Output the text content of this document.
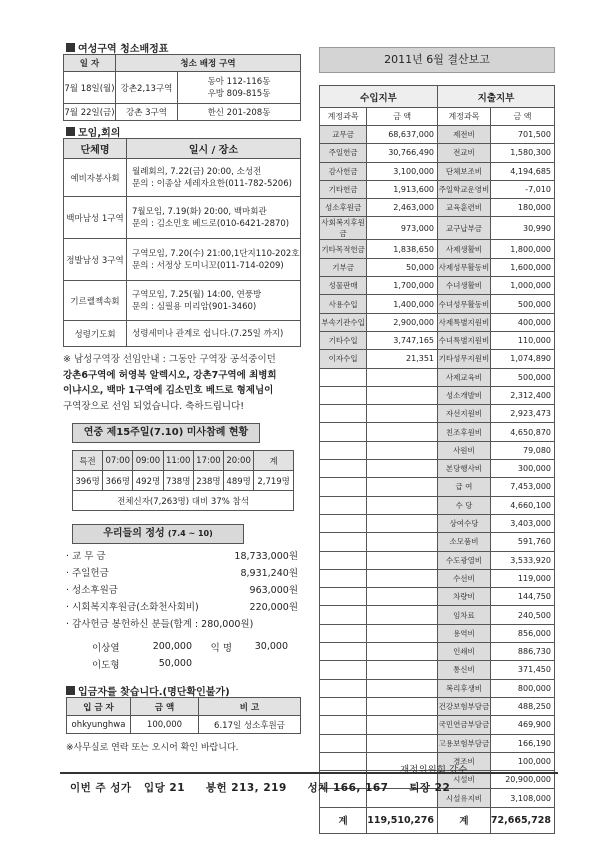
여성구역 청소배정표
일 자	청소 배정 구역	
7월 18일(월)	강촌2,13구역	동아 112-116동
우방 809-815동

7월 22일(금)	강촌 3구역	한신 201-208동
모임,회의
단체명	일시 / 장소
예비자봉사회	월례회의, 7.22(금) 20:00, 소성전
문의 : 이종삼 세레자요한(011-782-5206)

백마남성 1구역	7월모임, 7.19(화) 20:00, 백마회관
문의 : 김소민호 베드로(010-6421-2870)

정발남성 3구역	구역모임, 7.20(수) 21:00,1단지110-202호
문의 : 서정상 도미니꼬(011-714-0209)

기르렐젝속회	구역모임, 7.25(월) 14:00, 연풍방
문의 : 심필용 미리암(901-3460)

성령기도회	성령세미나 관계로 쉽니다.(7.25일 까지)
※ 남성구역장 선임안내 : 그동안 구역장 공석중이던
강촌6구역에 허영복 알렉시오, 강촌7구역에 최병희
이냐시오, 백마 1구역에 김소민호 베드로 형제님이
구역장으로 선임 되었습니다. 축하드립니다!
연중 제15주일(7.10) 미사참례 현황
특전	07:00	09:00	11:00	17:00	20:00	계
396명	366명	492명	738명	238명	489명	2,719명
전체신자(7,263명) 대비 37% 참석						
우리들의 정성 (7.4 ~ 10)
· 교 무 금	18,733,000원
· 주일헌금	8,931,240원
· 성소후원금	963,000원
· 시회복지후원금(소화천사회비)	220,000원
· 감사헌금 봉헌하신 분들(합계 : 280,000원)
이상열	200,000	익 명	30,000
이도형	50,000
입금자를 찾습니다.(명단확인불가)
입 금 자	금 액	비 고
ohkyunghwa	100,000	6.17일 성소후원금
※사무실로 연락 또는 오시어 확인 바랍니다.
2011년 6월 결산보고
수입지부		지출지부	
계정과목	금 액	계정과목	금 액
교무금	68,637,000	제전비	701,500
주일헌금	30,766,490	전교비	1,580,300
감사헌금	3,100,000	단체보조비	4,194,685
기타헌금	1,913,600	주일학교운영비	-7,010
성소후원금	2,463,000	교육훈련비	180,000
사회복지후원금	973,000	교구납부금	30,990
기타목적헌금	1,838,650	사제생활비	1,800,000
기부금	50,000	사제성무활동비	1,600,000
성물판매	1,700,000	수녀생활비	1,000,000
사용수입	1,400,000	수녀성무활동비	500,000
부속기관수입	2,900,000	사제특별지원비	400,000
기타수입	3,747,165	수녀특별지원비	110,000
이자수입	21,351	기타성무지원비	1,074,890
		사제교육비	500,000
		성소개발비	2,312,400
		자선지원비	2,923,473
		친조후원비	4,650,870
		사원비	79,080
		본당행사비	300,000
		급 여	7,453,000
		수 당	4,660,100
		상여수당	3,403,000
		소모품비	591,760
		수도광열비	3,533,920
		수선비	119,000
		차량비	144,750
		임차료	240,500
		용역비	856,000
		인쇄비	886,730
		통신비	371,450
		복리후생비	800,000
		건강보험부담금	488,250
		국민연금부담금	469,900
		고용보험부담금	166,190
		경조비	100,000
		시설비	20,900,000
		시설유지비	3,108,000
계	119,510,276	계	72,665,728
재정위원회 감수
이번 주 성가   입당 21     봉헌 213, 219     성체 166, 167     퇴장 22
